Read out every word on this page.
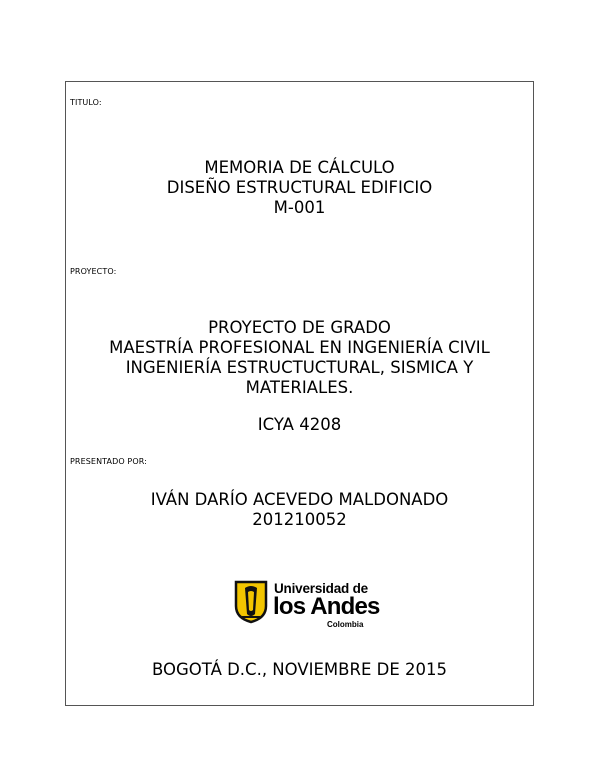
TITULO:
MEMORIA DE CÁLCULO
DISEÑO ESTRUCTURAL EDIFICIO
M-001
PROYECTO:
PROYECTO DE GRADO
MAESTRÍA PROFESIONAL EN INGENIERÍA CIVIL
INGENIERÍA ESTRUCTUCTURAL, SISMICA Y
MATERIALES.
ICYA 4208
PRESENTADO POR:
IVÁN DARÍO ACEVEDO MALDONADO
201210052
Universidad de
los Andes
Colombia
BOGOTÁ D.C., NOVIEMBRE DE 2015
